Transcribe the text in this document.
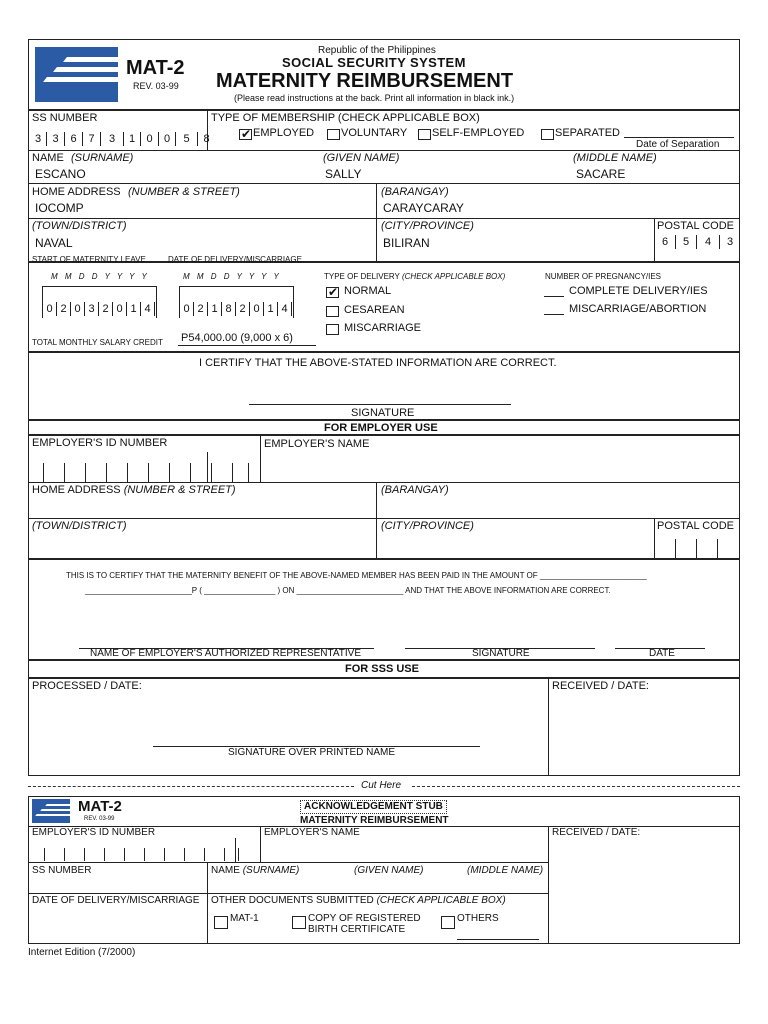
MAT-2
REV. 03-99
Republic of the Philippines
SOCIAL SECURITY SYSTEM
MATERNITY REIMBURSEMENT
(Please read instructions at the back. Print all information in black ink.)
SS NUMBER
3	3	6	7	3	1	0	0	5	8
TYPE OF MEMBERSHIP (CHECK APPLICABLE BOX)
✔
EMPLOYED VOLUNTARY SELF-EMPLOYED	SEPARATED
Date of Separation
NAME (SURNAME)	(GIVEN NAME)	(MIDDLE NAME)
ESCANO	SALLY	SACARE
HOME ADDRESS (NUMBER & STREET)	(BARANGAY)
IOCOMP	CARAYCARAY
(TOWN/DISTRICT)	(CITY/PROVINCE)	POSTAL CODE
NAVAL	BILIRAN	6	5	4	3
START OF MATERNITY LEAVE	DATE OF DELIVERY/MISCARRIAGE
M M D D Y Y Y Y	M M D D Y Y Y Y
0 2 0 3 2 0 1 4	0 2 1 8 2 0 1 4
TYPE OF DELIVERY (CHECK APPLICABLE BOX)
✔
NORMAL
CESAREAN
MISCARRIAGE
NUMBER OF PREGNANCY/IES
COMPLETE DELIVERY/IES
MISCARRIAGE/ABORTION
TOTAL MONTHLY SALARY CREDIT P54,000.00 (9,000 x 6)
I CERTIFY THAT THE ABOVE-STATED INFORMATION ARE CORRECT.
SIGNATURE
FOR EMPLOYER USE
EMPLOYER'S ID NUMBER	EMPLOYER'S NAME
HOME ADDRESS (NUMBER & STREET)	(BARANGAY)
(TOWN/DISTRICT)	(CITY/PROVINCE)	POSTAL CODE
THIS IS TO CERTIFY THAT THE MATERNITY BENEFIT OF THE ABOVE-NAMED MEMBER HAS BEEN PAID IN THE AMOUNT OF ________________________
________________________P ( ________________ ) ON ________________________ AND THAT THE ABOVE INFORMATION ARE CORRECT.
NAME OF EMPLOYER'S AUTHORIZED REPRESENTATIVE	SIGNATURE	DATE
FOR SSS USE
PROCESSED / DATE:	RECEIVED / DATE:
SIGNATURE OVER PRINTED NAME
Cut Here
MAT-2
REV. 03-99
ACKNOWLEDGEMENT STUB
MATERNITY REIMBURSEMENT
EMPLOYER'S ID NUMBER	EMPLOYER'S NAME	RECEIVED / DATE:
SS NUMBER	NAME (SURNAME)	(GIVEN NAME)	(MIDDLE NAME)
DATE OF DELIVERY/MISCARRIAGE OTHER DOCUMENTS SUBMITTED (CHECK APPLICABLE BOX)
MAT-1	COPY OF REGISTERED
BIRTH CERTIFICATE
OTHERS
Internet Edition (7/2000)
